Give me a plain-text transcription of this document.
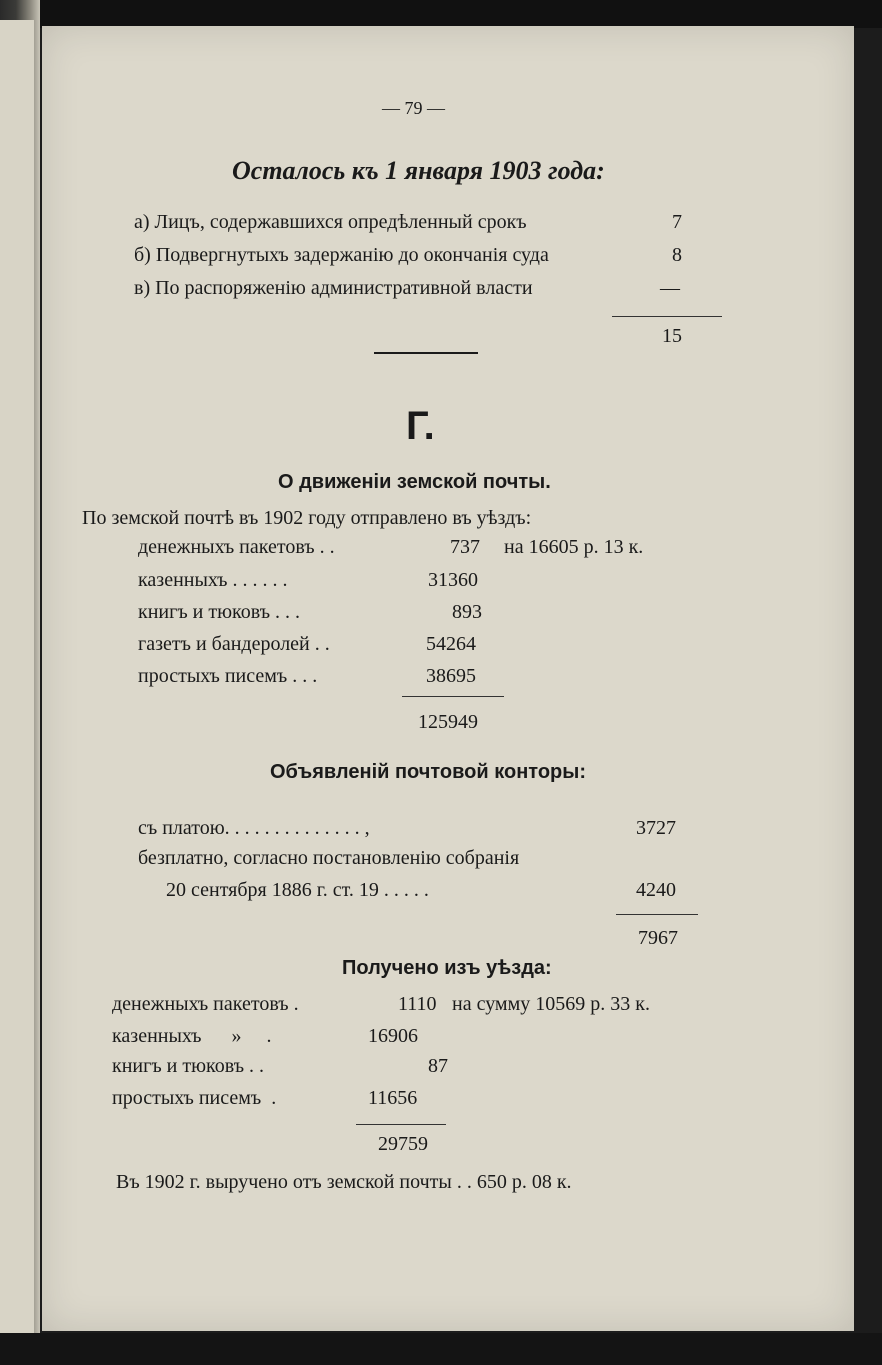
— 79 —
Осталось къ 1 января 1903 года:
а) Лицъ, содержавшихся опредѣленный срокъ	7
б) Подвергнутыхъ задержанію до окончанія суда	8
в) По распоряженію административной власти	—
15
Г.
О движеніи земской почты.
По земской почтѣ въ 1902 году отправлено въ уѣздъ:
денежныхъ пакетовъ . .	737 на 16605 р. 13 к.
казенныхъ . . . . . .	31360
книгъ и тюковъ . . .	893
газетъ и бандеролей . .	54264
простыхъ писемъ . . .	38695
125949
Объявленій почтовой конторы:
съ платою. . . . . . . . . . . . . . ,	3727
безплатно, согласно постановленію собранія
20 сентября 1886 г. ст. 19 . . . . .	4240
7967
Получено изъ уѣзда:
денежныхъ пакетовъ .	1110 на сумму 10569 р. 33 к.
казенныхъ      »     .	16906
книгъ и тюковъ . .	87
простыхъ писемъ  .	11656
29759
Въ 1902 г. выручено отъ земской почты . . 650 р. 08 к.
